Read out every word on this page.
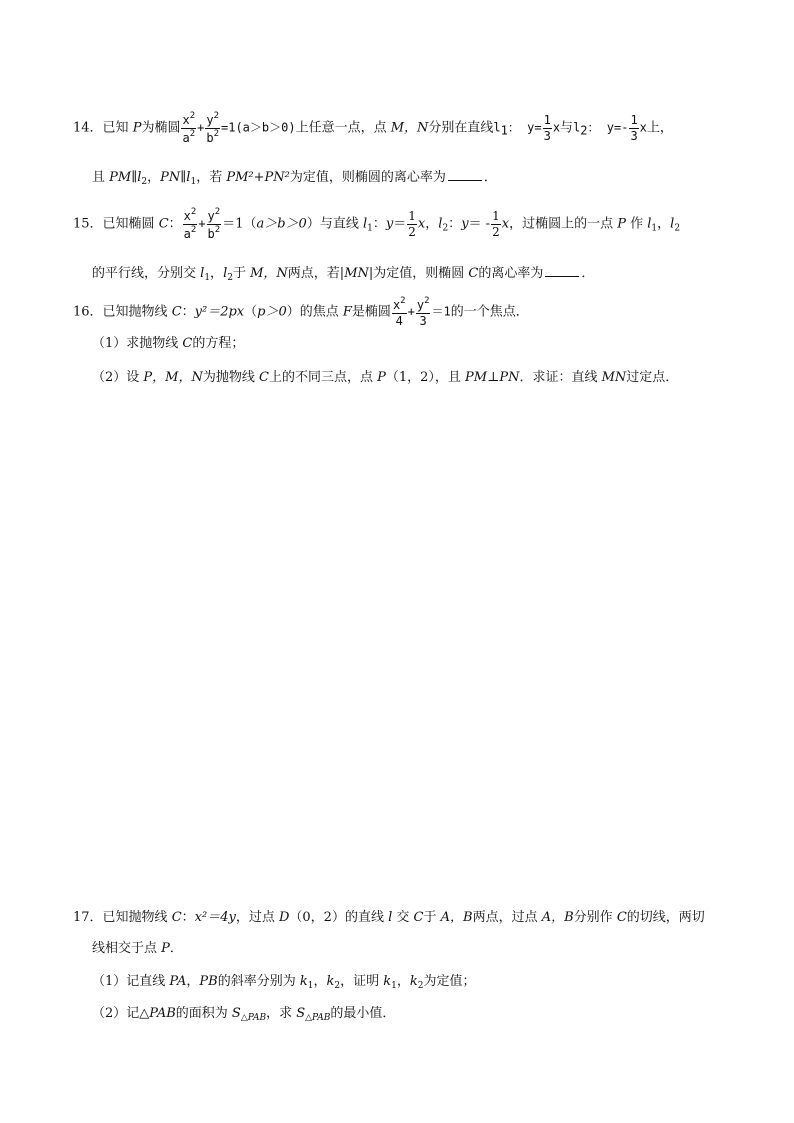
14．已知 P为椭圆 $\frac{x^2}{a^2} + \frac{y^2}{b^2} =1(a>b>0)$上任意一点，点 M，N分别在直线l1： $y= \frac{1}{3}$ x与l2： $y=- \frac{1}{3}$ x上，
且 $PM\parallel l_2$，$PN\parallel l_1$，若 PM²+PN²为定值，则椭圆的离心率为	．
15．已知椭圆 C： $\frac{x^2}{a^2} + \frac{y^2}{b^2} =1(a>b>0)$与直线 $l_1$：$y= \frac{1}{2}$ x，$l_2$：$y= - \frac{1}{2}$ x，过椭圆上的一点 P 作 $l_1$，$l_2$
的平行线，分别交 $l_1$，$l_2$于 M，N两点，若|MN|为定值，则椭圆 C的离心率为	．
16．已知抛物线 C：y²＝2px（p＞0）的焦点 F是椭圆 $\frac{x^2}{4} + \frac{y^2}{3} =1$的一个焦点．
（1）求抛物线 C的方程；
（2）设 P，M，N为抛物线 C上的不同三点，点 P（1，2），且 PM⊥PN．求证：直线 MN过定点．
17．已知抛物线 C：x²＝4y，过点 D（0，2）的直线 l 交 C于 A，B两点，过点 A，B分别作 C的切线，两切
线相交于点 P．
（1）记直线 PA，PB的斜率分别为 $k_1$，$k_2$，证明 $k_1$，$k_2$为定值；
（2）记△PAB的面积为 $S_{\triangle PAB}$，求 $S_{\triangle PAB}$的最小值．
